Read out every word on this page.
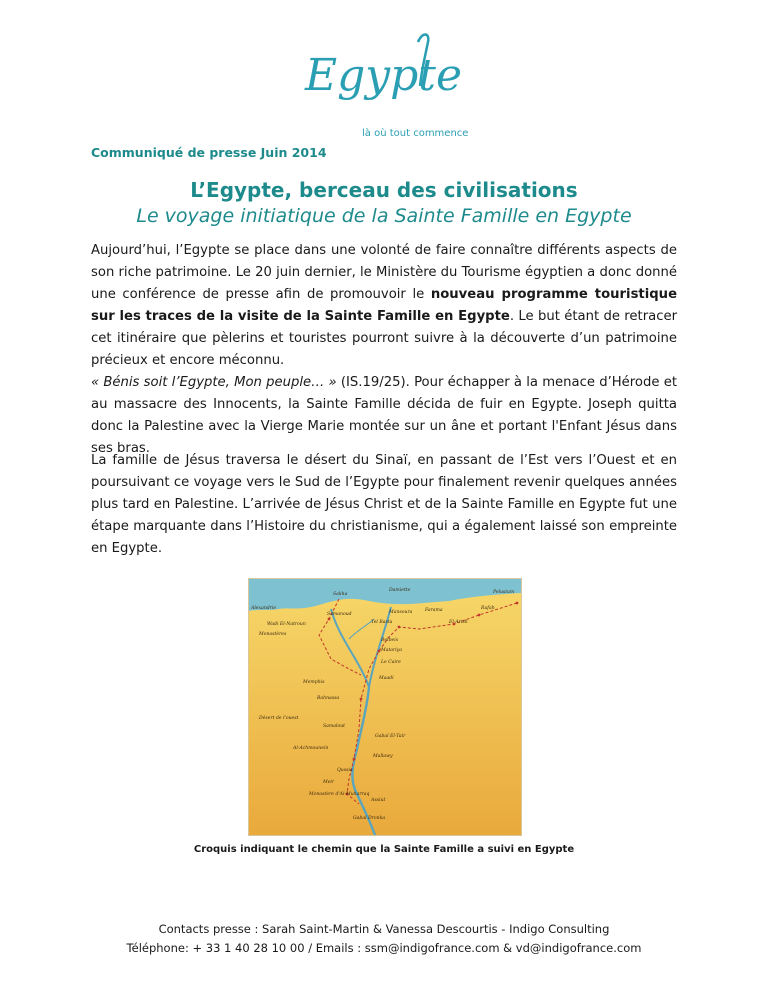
Egypte
là où tout commence
Communiqué de presse Juin 2014
L’Egypte, berceau des civilisations
Le voyage initiatique de la Sainte Famille en Egypte
Aujourd’hui, l’Egypte se place dans une volonté de faire connaître différents aspects de son riche patrimoine. Le 20 juin dernier, le Ministère du Tourisme égyptien a donc donné une conférence de presse afin de promouvoir le nouveau programme touristique sur les traces de la visite de la Sainte Famille en Egypte. Le but étant de retracer cet itinéraire que pèlerins et touristes pourront suivre à la découverte d’un patrimoine précieux et encore méconnu.
« Bénis soit l’Egypte, Mon peuple… » (IS.19/25). Pour échapper à la menace d’Hérode et au massacre des Innocents, la Sainte Famille décida de fuir en Egypte. Joseph quitta donc la Palestine avec la Vierge Marie montée sur un âne et portant l'Enfant Jésus dans ses bras.
La famille de Jésus traversa le désert du Sinaï, en passant de l’Est vers l’Ouest et en poursuivant ce voyage vers le Sud de l’Egypte pour finalement revenir quelques années plus tard en Palestine. L’arrivée de Jésus Christ et de la Sainte Famille en Egypte fut une étape marquante dans l’Histoire du christianisme, qui a également laissé son empreinte en Egypte.
Alexandrie
Sakha
Damiette
Samanoud	Mansoura
Pelusium
Farama	Rafah
El-Arish
Wadi El-Natroun
Monastères
Tel Basta
Belbeis
Matariya
Le Caire
Maadi
Memphis
Bahnassa
Désert de l'ouest
Samalout
Gabal El-Tair
Al-Achmounein
Mallawy
Qussia
Meir
Monastère d'Al-Muharraq
Assiut
Gabal Dronka
Croquis indiquant le chemin que la Sainte Famille a suivi en Egypte
Contacts presse : Sarah Saint-Martin & Vanessa Descourtis - Indigo Consulting
Téléphone: + 33 1 40 28 10 00 / Emails : ssm@indigofrance.com & vd@indigofrance.com
